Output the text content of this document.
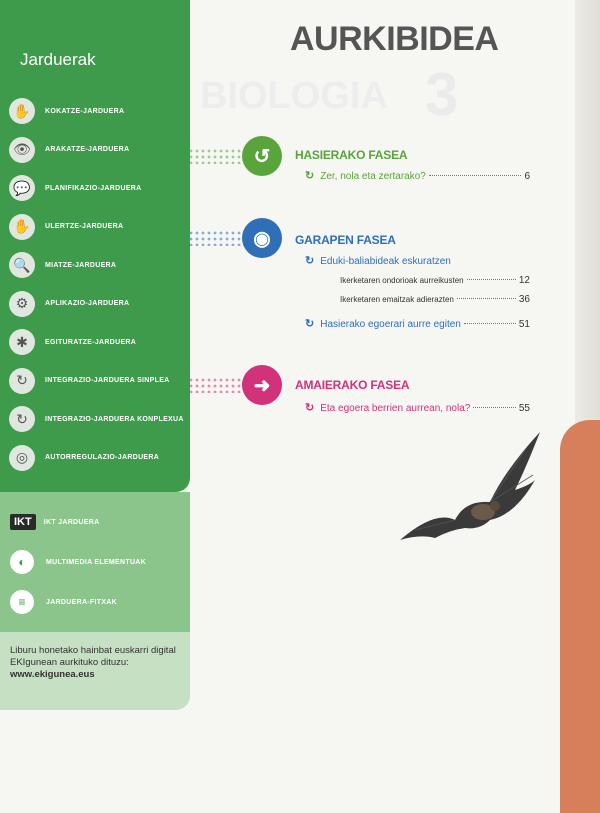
Jarduerak
✋	KOKATZE-JARDUERA
👁	ARAKATZE-JARDUERA
💬	PLANIFIKAZIO-JARDUERA
✋	ULERTZE-JARDUERA
🔍	MIATZE-JARDUERA
⚙	APLIKAZIO-JARDUERA
✱	EGITURATZE-JARDUERA
↻	INTEGRAZIO-JARDUERA SINPLEA
↻	INTEGRAZIO-JARDUERA KONPLEXUA
◎	AUTORREGULAZIO-JARDUERA
IKT	IKT JARDUERA
◐	MULTIMEDIA ELEMENTUAK
≡	JARDUERA-FITXAK
Liburu honetako hainbat euskarri digital EKIgunean aurkituko dituzu:
www.ekigunea.eus
BIOLOGIA 3
AURKIBIDEA
↺	HASIERAKO FASEA
↻ Zer, nola eta zertarako?	6
◉	GARAPEN FASEA
↻ Eduki-baliabideak eskuratzen
Ikerketaren ondorioak aurreikusten	12
Ikerketaren emaitzak adierazten	36
↻ Hasierako egoerari aurre egiten	51
➜	AMAIERAKO FASEA
↻ Eta egoera berrien aurrean, nola?	55
